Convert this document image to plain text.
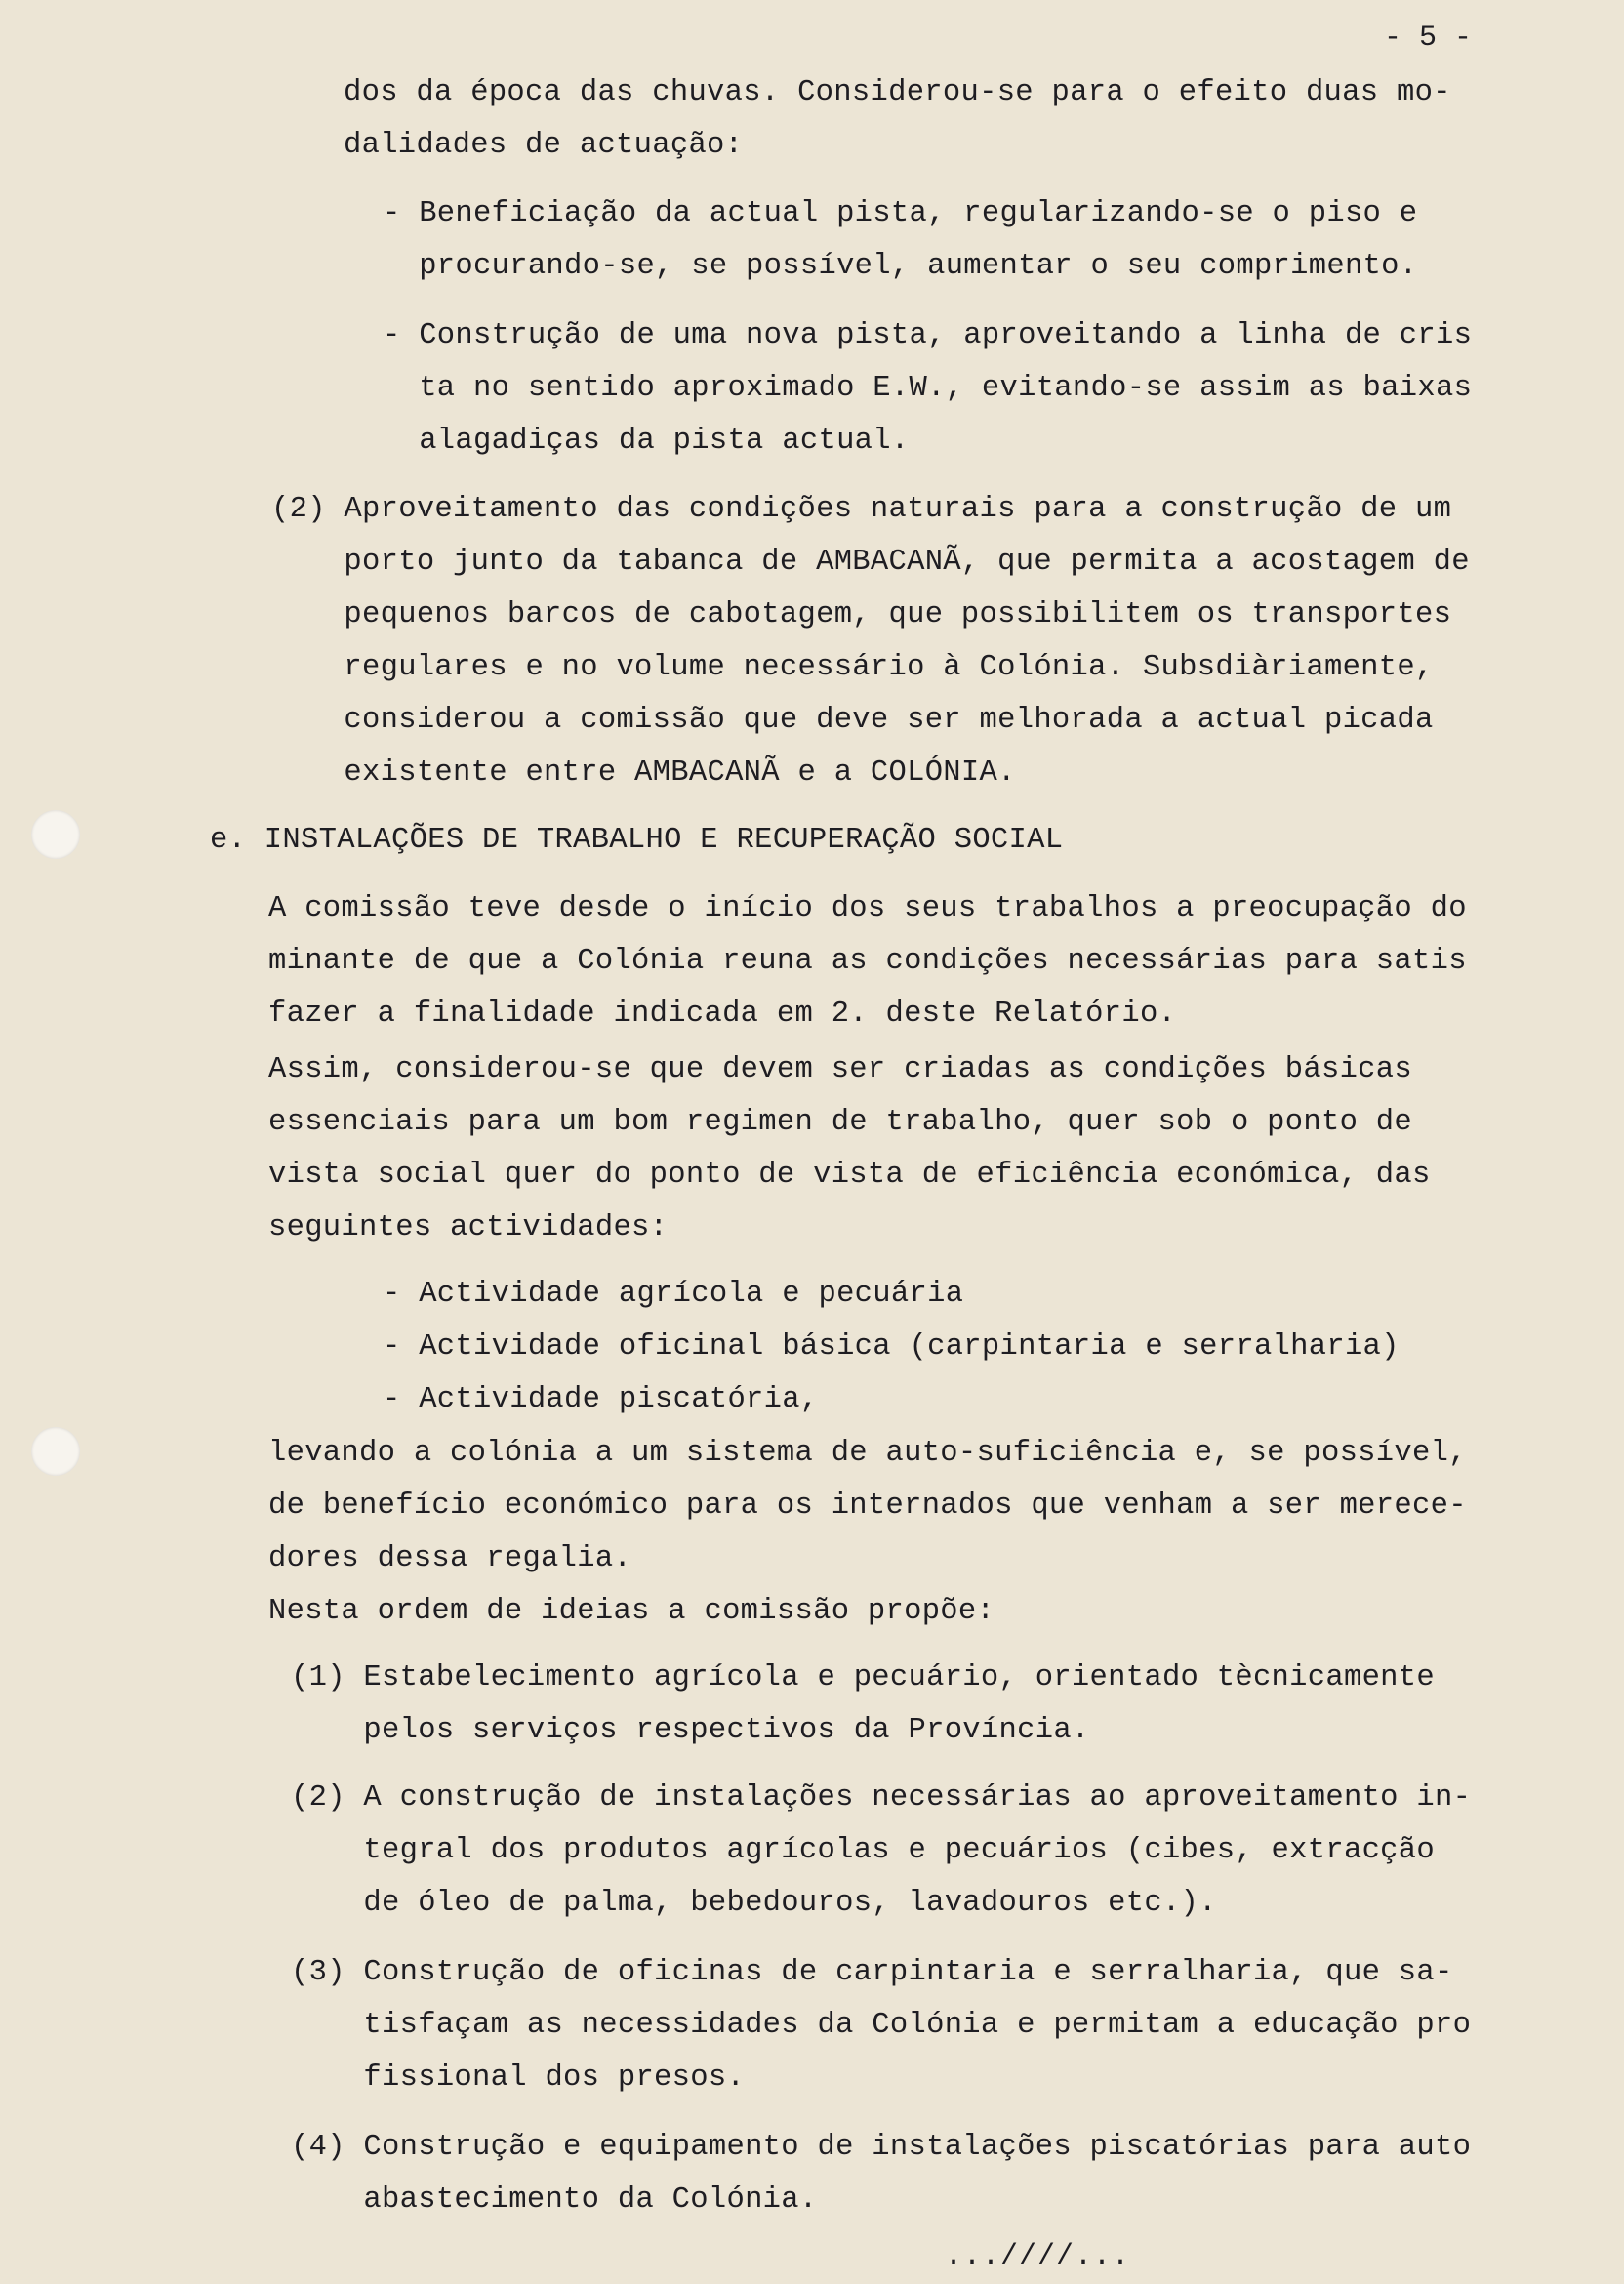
- 5 -
dos da época das chuvas. Considerou-se para o efeito duas mo-
dalidades de actuação:
- Beneficiação da actual pista, regularizando-se o piso e
procurando-se, se possível, aumentar o seu comprimento.
- Construção de uma nova pista, aproveitando a linha de cris
ta no sentido aproximado E.W., evitando-se assim as baixas
alagadiças da pista actual.
(2) Aproveitamento das condições naturais para a construção de um
porto junto da tabanca de AMBACANÃ, que permita a acostagem de
pequenos barcos de cabotagem, que possibilitem os transportes
regulares e no volume necessário à Colónia. Subsdiàriamente,
considerou a comissão que deve ser melhorada a actual picada
existente entre AMBACANÃ e a COLÓNIA.
e. INSTALAÇÕES DE TRABALHO E RECUPERAÇÃO SOCIAL
A comissão teve desde o início dos seus trabalhos a preocupação do
minante de que a Colónia reuna as condições necessárias para satis
fazer a finalidade indicada em 2. deste Relatório.
Assim, considerou-se que devem ser criadas as condições básicas
essenciais para um bom regimen de trabalho, quer sob o ponto de
vista social quer do ponto de vista de eficiência económica, das
seguintes actividades:
- Actividade agrícola e pecuária
- Actividade oficinal básica (carpintaria e serralharia)
- Actividade piscatória,
levando a colónia a um sistema de auto-suficiência e, se possível,
de benefício económico para os internados que venham a ser merece-
dores dessa regalia.
Nesta ordem de ideias a comissão propõe:
(1) Estabelecimento agrícola e pecuário, orientado tècnicamente
pelos serviços respectivos da Província.
(2) A construção de instalações necessárias ao aproveitamento in-
tegral dos produtos agrícolas e pecuários (cibes, extracção
de óleo de palma, bebedouros, lavadouros etc.).
(3) Construção de oficinas de carpintaria e serralharia, que sa-
tisfaçam as necessidades da Colónia e permitam a educação pro
fissional dos presos.
(4) Construção e equipamento de instalações piscatórias para auto
abastecimento da Colónia.
...////...
